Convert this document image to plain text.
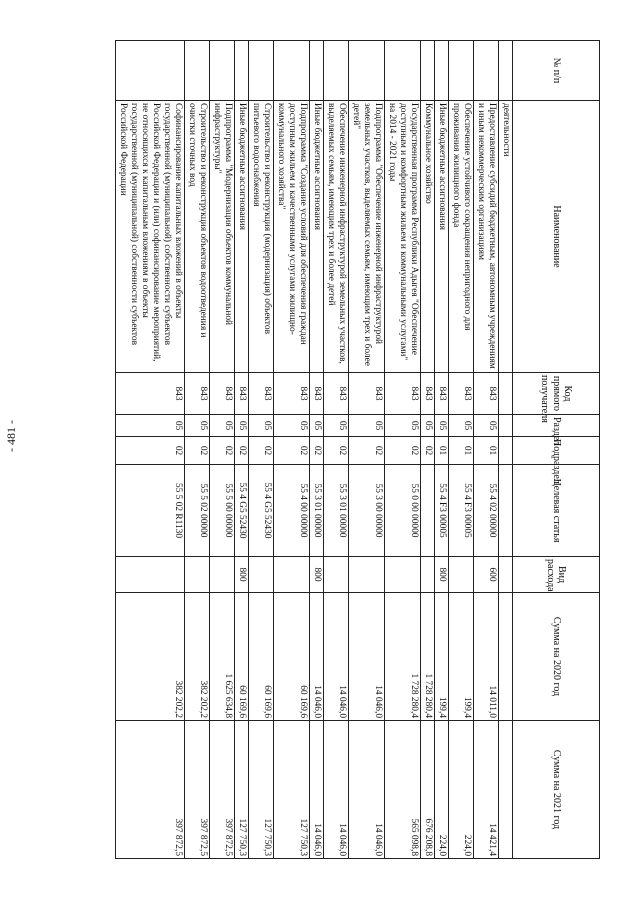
- 481 -
№ п/п	Наименование	Код прямого получателя	Раздел	Подраздел	Целевая статья	Вид расхода	Сумма на 2020 год	Сумма на 2021 год
	деятельности							
	Предоставление субсидий бюджетным, автономным учреждениям и иным некоммерческим организациям	843	05	01	55 4 02 00000	600	14 011,0	14 421,4
	Обеспечение устойчивого сокращения непригодного для проживания жилищного фонда	843	05	01	55 4 F3 00005		199,4	224,0
	Иные бюджетные ассигнования	843	05	01	55 4 F3 00005	800	199,4	224,0
	Коммунальное хозяйство	843	05	02			1 728 280,4	676 208,8
	Государственная программа Республики Адыгея "Обеспечение доступным и комфортным жильем и коммунальными услугами" на 2014 - 2021 годы	843	05	02	55 0 00 00000		1 728 280,4	565 098,8
	Подпрограмма "Обеспечение инженерной инфраструктурой земельных участков, выделяемых семьям, имеющим трех и более детей"	843	05	02	55 3 00 00000		14 046,0	14 046,0
	Обеспечение инженерной инфраструктурой земельных участков, выделяемых семьям, имеющим трех и более детей	843	05	02	55 3 01 00000		14 046,0	14 046,0
	Иные бюджетные ассигнования	843	05	02	55 3 01 00000	800	14 046,0	14 046,0
	Подпрограмма "Создание условий для обеспечения граждан доступным жильем и качественными услугами жилищно-коммунального хозяйства"	843	05	02	55 4 00 00000		60 169,6	127 750,3
	Строительство и реконструкция (модернизация) объектов питьевого водоснабжения	843	05	02	55 4 G5 52430		60 169,6	127 750,3
	Иные бюджетные ассигнования	843	05	02	55 4 G5 52430	800	60 169,6	127 750,3
	Подпрограмма "Модернизация объектов коммунальной инфраструктуры"	843	05	02	55 5 00 00000		1 625 634,8	397 872,5
	Строительство и реконструкция объектов водоотведения и очистки сточных вод	843	05	02	55 5 02 00000		382 202,2	397 872,5
	Софинансирование капитальных вложений в объекты государственной (муниципальной) собственности субъектов Российской Федерации и (или) софинансирование мероприятий, не относящихся к капитальным вложениям в объекты государственной (муниципальной) собственности субъектов Российской Федерации	843	05	02	55 5 02 R1130		382 202,2	397 872,5
